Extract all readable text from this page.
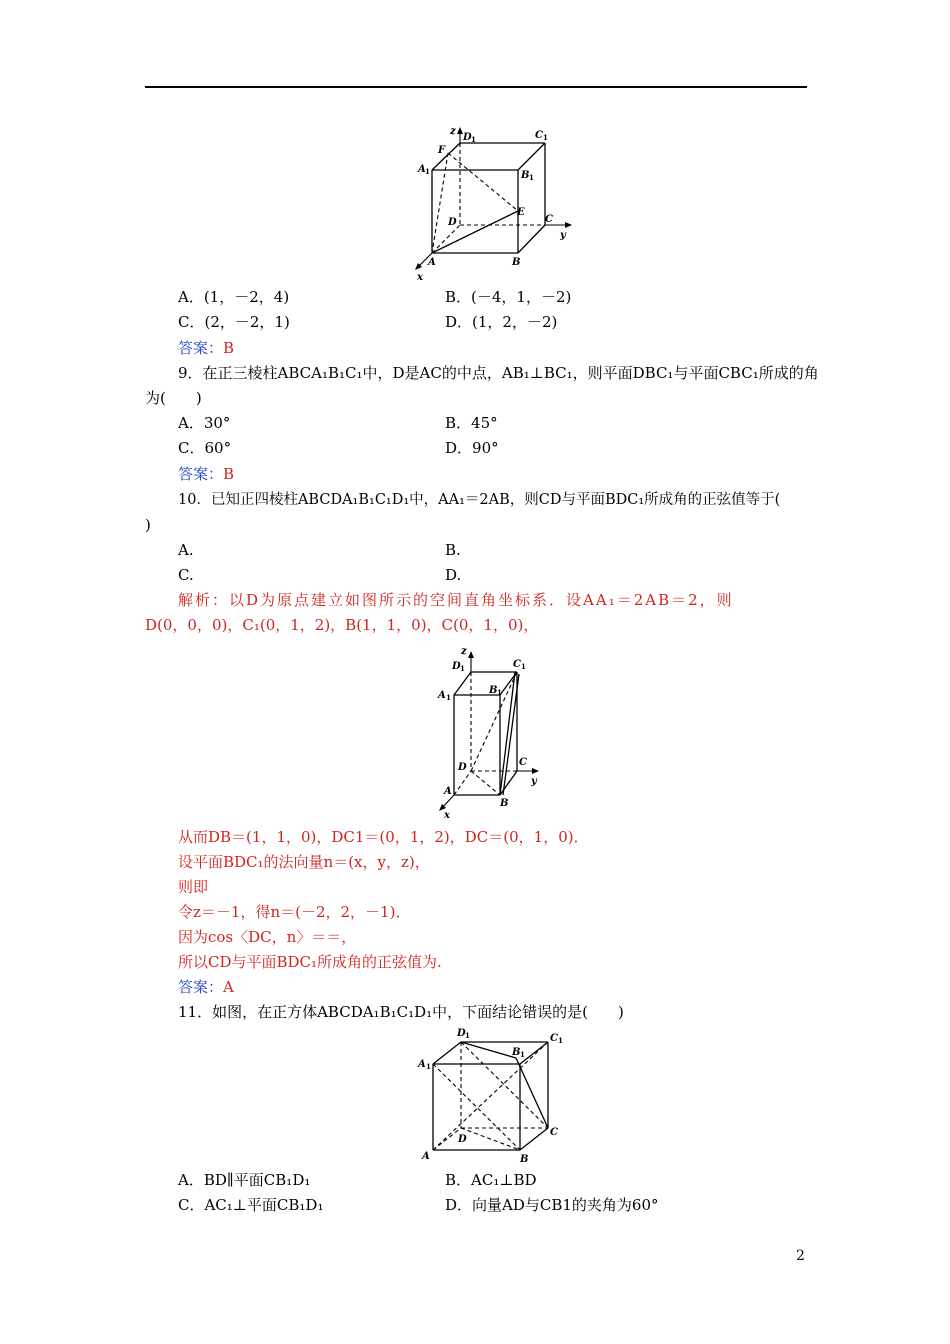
z
D 1	C 1
F
A 1	B 1
E
D	C
y
A	B
x
A．(1，－2，4)	B．(－4，1，－2)
C．(2，－2，1)	D．(1，2，－2)
答案：B
9．在正三棱柱ABCA₁B₁C₁中，D是AC的中点，AB₁⊥BC₁，则平面DBC₁与平面CBC₁所成的角
为(　　)
A．30°	B．45°
C．60°	D．90°
答案：B
10．已知正四棱柱ABCDA₁B₁C₁D₁中，AA₁＝2AB，则CD与平面BDC₁所成角的正弦值等于(
)
A.	B.
C.	D.
解析：以D为原点建立如图所示的空间直角坐标系．设AA₁＝2AB＝2，则
D(0，0，0)，C₁(0，1，2)，B(1，1，0)，C(0，1，0)，
z
D 1	C 1
A 1
B 1
D	C
y
A
B
x
从而DB＝(1，1，0)，DC1＝(0，1，2)，DC＝(0，1，0)．
设平面BDC₁的法向量n＝(x，y，z)，
则即
令z＝－1，得n＝(－2，2，－1)．
因为cos〈DC，n〉＝＝，
所以CD与平面BDC₁所成角的正弦值为.
答案：A
11．如图，在正方体ABCDA₁B₁C₁D₁中，下面结论错误的是(　　)
D 1	C 1
A 1
B 1
D
C
A	B
A．BD∥平面CB₁D₁	B．AC₁⊥BD
C．AC₁⊥平面CB₁D₁	D．向量AD与CB1的夹角为60°
2
